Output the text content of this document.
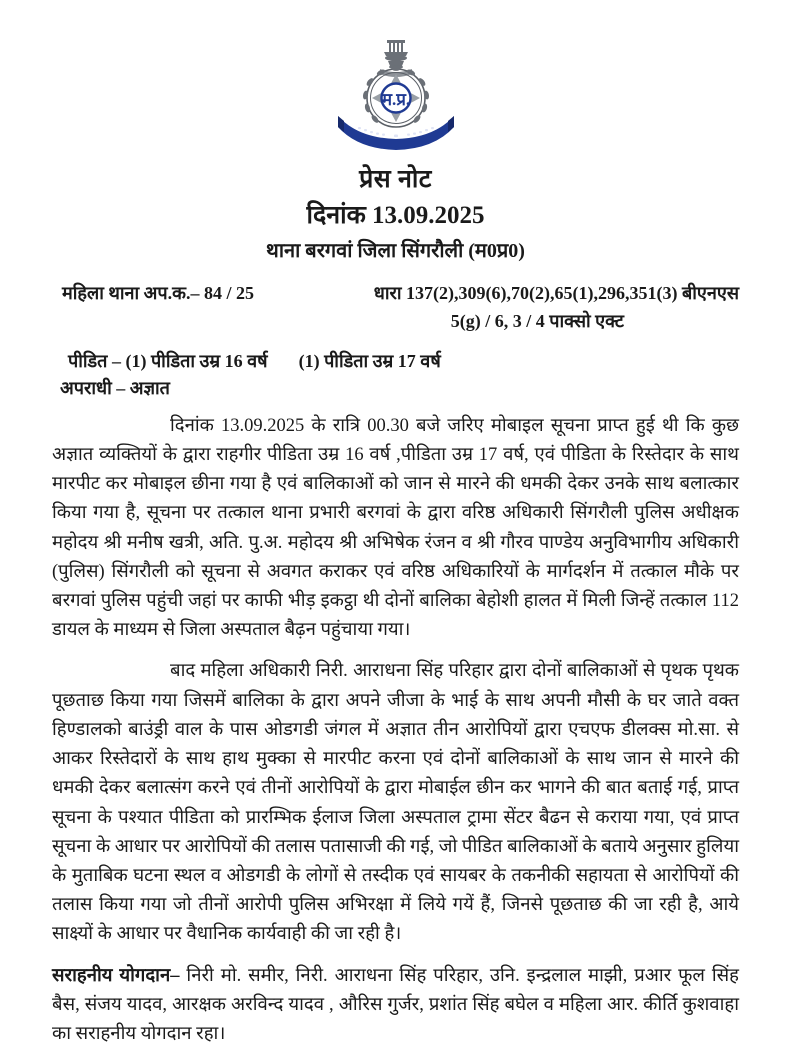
म.प्र.
प्रेस नोट
दिनांक 13.09.2025
थाना बरगवां जिला सिंगरौली (म0प्र0)
महिला थाना अप.क.– 84 / 25	धारा 137(2),309(6),70(2),65(1),296,351(3) बीएनएस
5(g) / 6, 3 / 4 पाक्सो एक्ट
पीडित – (1) पीडिता उम्र 16 वर्ष (1) पीडिता उम्र 17 वर्ष
अपराधी – अज्ञात

दिनांक 13.09.2025 के रात्रि 00.30 बजे जरिए मोबाइल सूचना प्राप्त हुई थी कि कुछ अज्ञात व्यक्तियों के द्वारा राहगीर पीडिता उम्र 16 वर्ष ,पीडिता उम्र 17 वर्ष, एवं पीडिता के रिस्तेदार के साथ मारपीट कर मोबाइल छीना गया है एवं बालिकाओं को जान से मारने की धमकी देकर उनके साथ बलात्कार किया गया है, सूचना पर तत्काल थाना प्रभारी बरगवां के द्वारा वरिष्ठ अधिकारी सिंगरौली पुलिस अधीक्षक महोदय श्री मनीष खत्री, अति. पु.अ. महोदय श्री अभिषेक रंजन व श्री गौरव पाण्डेय अनुविभागीय अधिकारी (पुलिस) सिंगरौली को सूचना से अवगत कराकर एवं वरिष्ठ अधिकारियों के मार्गदर्शन में तत्काल मौके पर बरगवां पुलिस पहुंची जहां पर काफी भीड़ इकट्ठा थी दोनों बालिका बेहोशी हालत में मिली जिन्हें तत्काल 112 डायल के माध्यम से जिला अस्पताल बैढ़न पहुंचाया गया।

बाद महिला अधिकारी निरी. आराधना सिंह परिहार द्वारा दोनों बालिकाओं से पृथक पृथक पूछताछ किया गया जिसमें बालिका के द्वारा अपने जीजा के भाई के साथ अपनी मौसी के घर जाते वक्त हिण्डालको बाउंड्री वाल के पास ओडगडी जंगल में अज्ञात तीन आरोपियों द्वारा एचएफ डीलक्स मो.सा. से आकर रिस्तेदारों के साथ हाथ मुक्का से मारपीट करना एवं दोनों बालिकाओं के साथ जान से मारने की धमकी देकर बलात्संग करने एवं तीनों आरोपियों के द्वारा मोबाईल छीन कर भागने की बात बताई गई, प्राप्त सूचना के पश्यात पीडिता को प्रारम्भिक ईलाज जिला अस्पताल ट्रामा सेंटर बैढन से कराया गया, एवं प्राप्त सूचना के आधार पर आरोपियों की तलास पतासाजी की गई, जो पीडित बालिकाओं के बताये अनुसार हुलिया के मुताबिक घटना स्थल व ओडगडी के लोगों से तस्दीक एवं सायबर के तकनीकी सहायता से आरोपियों की तलास किया गया जो तीनों आरोपी पुलिस अभिरक्षा में लिये गयें हैं, जिनसे पूछताछ की जा रही है, आये साक्ष्यों के आधार पर वैधानिक कार्यवाही की जा रही है।

सराहनीय योगदान– निरी मो. समीर, निरी. आराधना सिंह परिहार, उनि. इन्द्रलाल माझी, प्रआर फूल सिंह बैस, संजय यादव, आरक्षक अरविन्द यादव , औरिस गुर्जर, प्रशांत सिंह बघेल व महिला आर. कीर्ति कुशवाहा का सराहनीय योगदान रहा।
